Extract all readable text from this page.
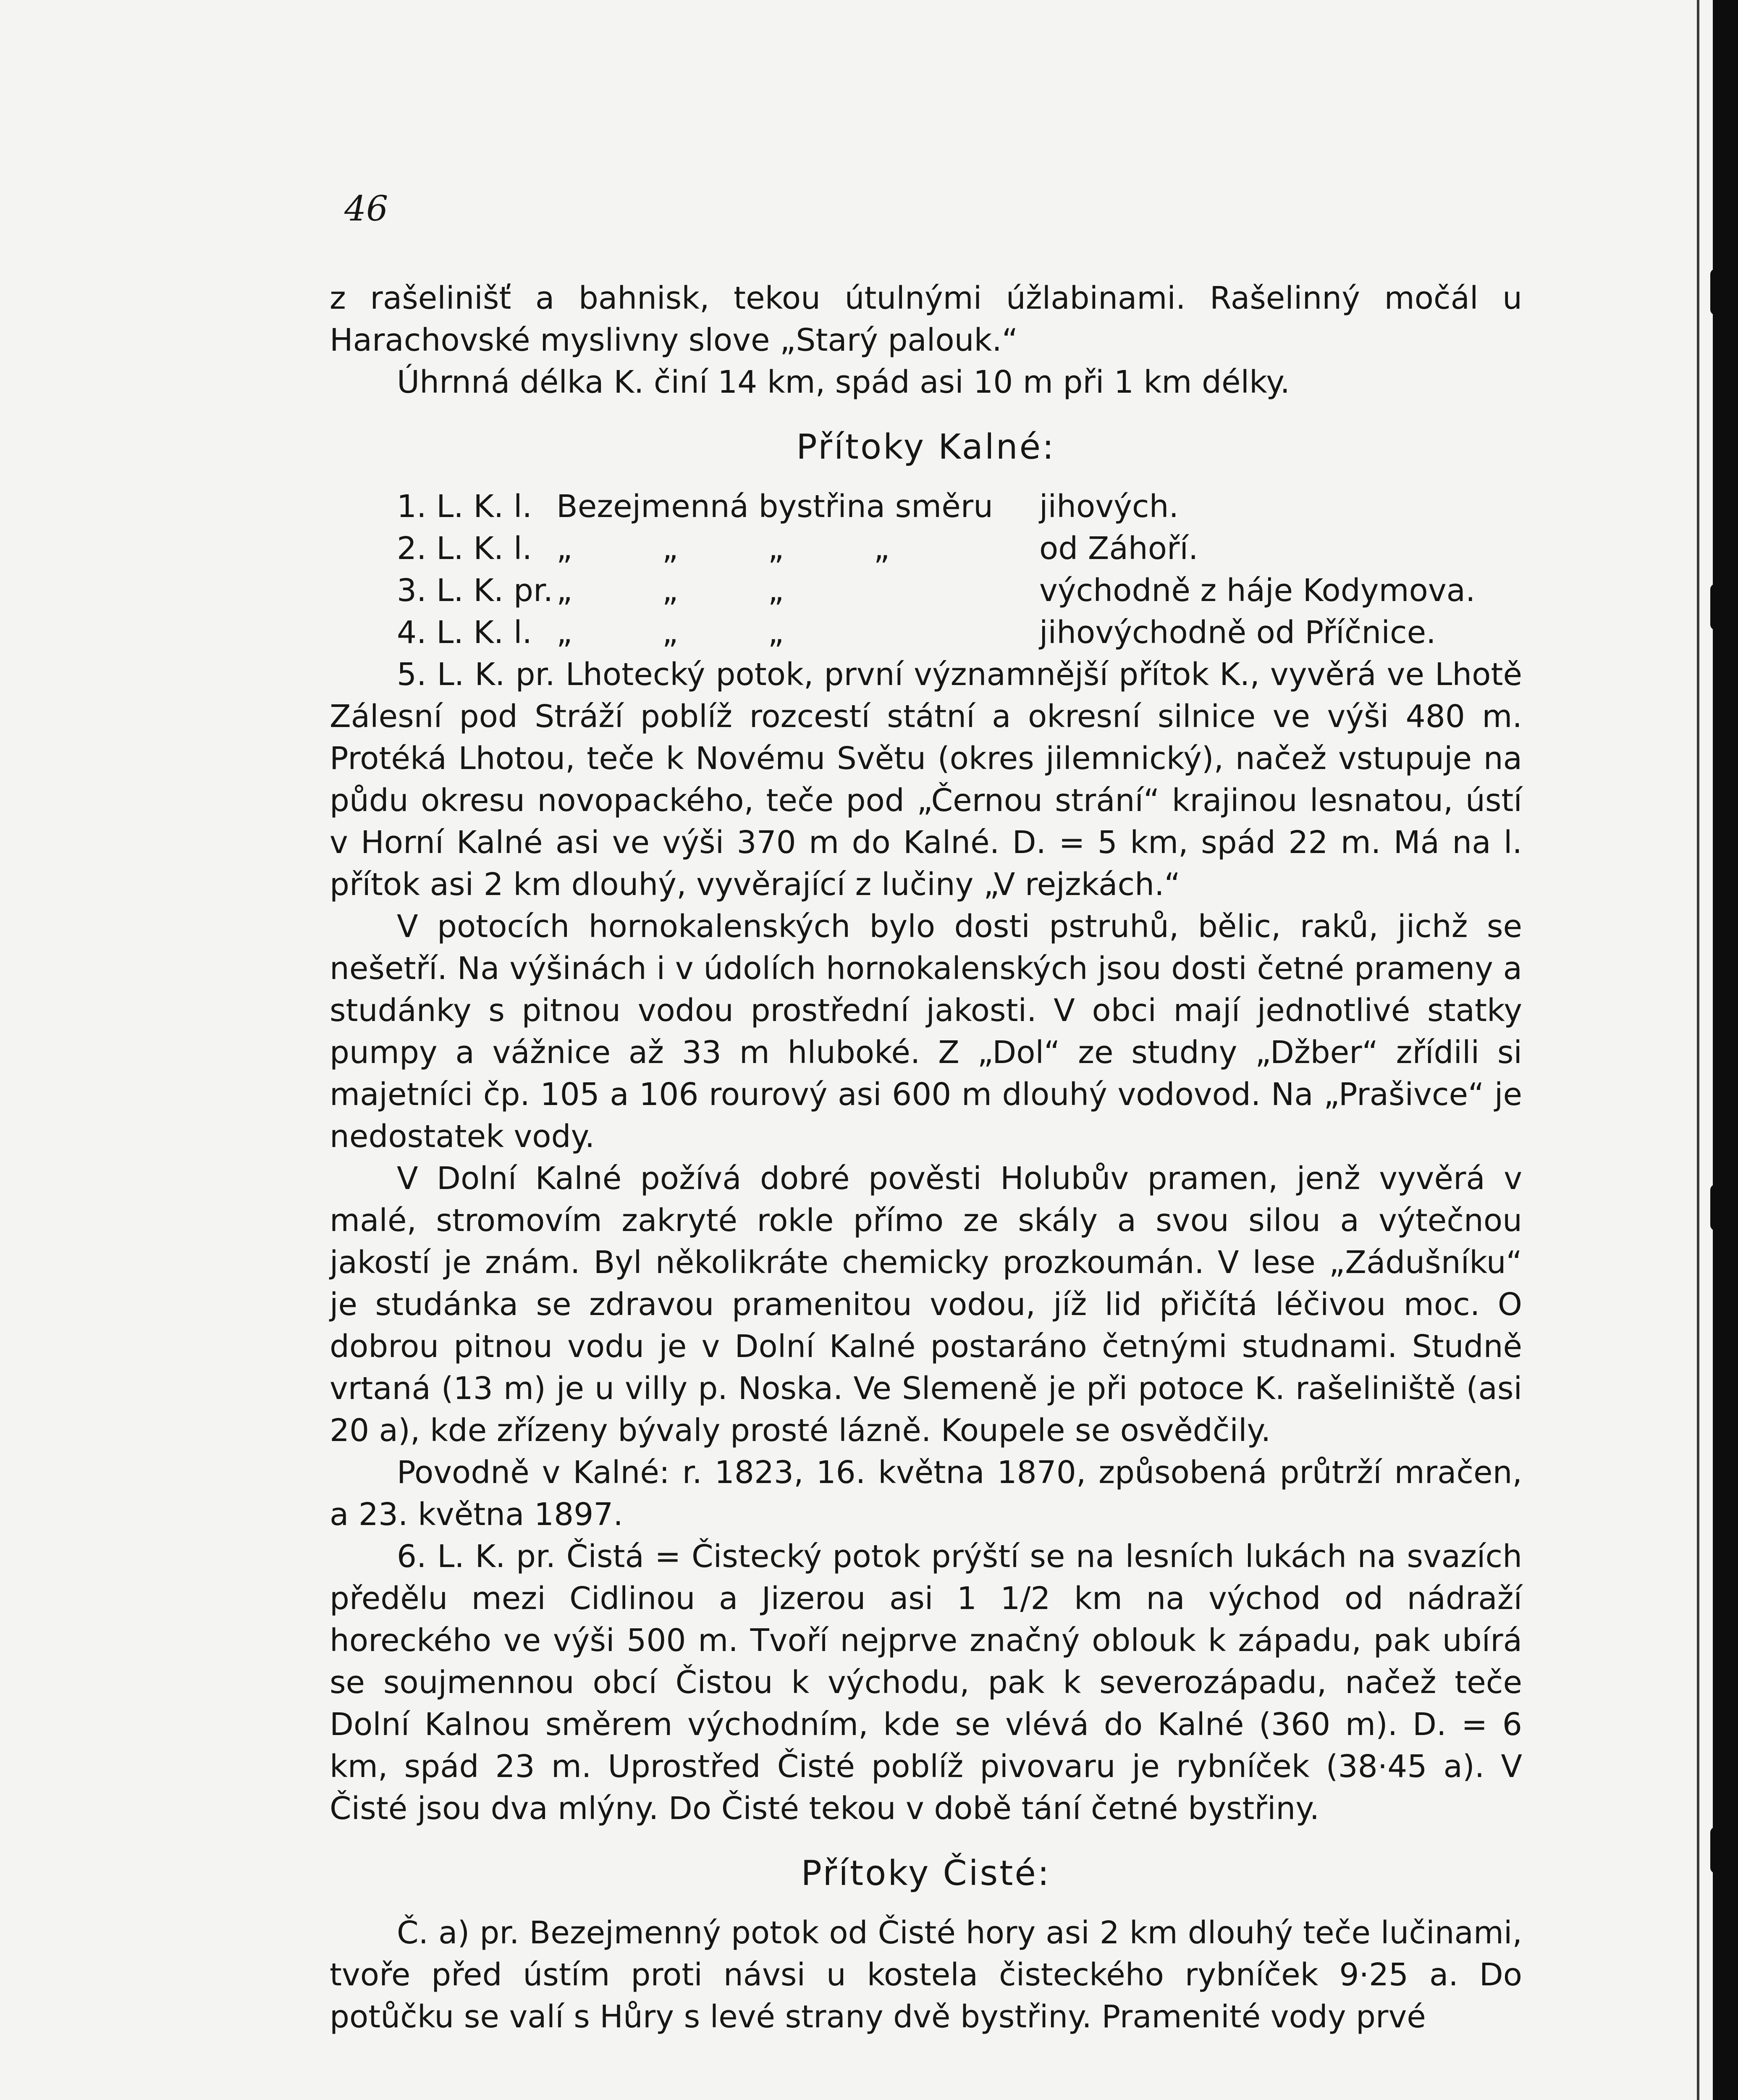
46

z rašelinišť a bahnisk, tekou útulnými úžlabinami. Rašelinný močál u Harachovské myslivny slove „Starý palouk.“

Úhrnná délka K. činí 14 km, spád asi 10 m při 1 km délky.

Přítoky Kalné:

1. L. K. l. Bezejmenná bystřina směru	jihových.
2. L. K. l. „ „ „ „	od Záhoří.
3. L. K. pr. „ „ „	východně z háje Kodymova.
4. L. K. l. „ „ „	jihovýchodně od Příčnice.

5. L. K. pr. Lhotecký potok, první významnější přítok K., vyvěrá ve Lhotě Zálesní pod Stráží poblíž rozcestí státní a okresní silnice ve výši 480 m. Protéká Lhotou, teče k Novému Světu (okres jilemnický), načež vstupuje na půdu okresu novopackého, teče pod „Černou strání“ krajinou lesnatou, ústí v Horní Kalné asi ve výši 370 m do Kalné. D. = 5 km, spád 22 m. Má na l. přítok asi 2 km dlouhý, vyvěrající z lučiny „V rejzkách.“

V potocích hornokalenských bylo dosti pstruhů, bělic, raků, jichž se nešetří. Na výšinách i v údolích hornokalenských jsou dosti četné prameny a studánky s pitnou vodou prostřední jakosti. V obci mají jednotlivé statky pumpy a vážnice až 33 m hluboké. Z „Dol“ ze studny „Džber“ zřídili si majetníci čp. 105 a 106 rourový asi 600 m dlouhý vodovod. Na „Prašivce“ je nedostatek vody.

V Dolní Kalné požívá dobré pověsti Holubův pramen, jenž vyvěrá v malé, stromovím zakryté rokle přímo ze skály a svou silou a výtečnou jakostí je znám. Byl několikráte chemicky prozkoumán. V lese „Zádušníku“ je studánka se zdravou pramenitou vodou, jíž lid přičítá léčivou moc. O dobrou pitnou vodu je v Dolní Kalné postaráno četnými studnami. Studně vrtaná (13 m) je u villy p. Noska. Ve Slemeně je při potoce K. rašeliniště (asi 20 a), kde zřízeny bývaly prosté lázně. Koupele se osvědčily.

Povodně v Kalné: r. 1823, 16. května 1870, způsobená průtrží mračen, a 23. května 1897.

6. L. K. pr. Čistá = Čistecký potok prýští se na lesních lukách na svazích předělu mezi Cidlinou a Jizerou asi 1 1/2 km na východ od nádraží horeckého ve výši 500 m. Tvoří nejprve značný oblouk k západu, pak ubírá se soujmennou obcí Čistou k východu, pak k severozápadu, načež teče Dolní Kalnou směrem východním, kde se vlévá do Kalné (360 m). D. = 6 km, spád 23 m. Uprostřed Čisté poblíž pivovaru je rybníček (38·45 a). V Čisté jsou dva mlýny. Do Čisté tekou v době tání četné bystřiny.

Přítoky Čisté:

Č. a) pr. Bezejmenný potok od Čisté hory asi 2 km dlouhý teče lučinami, tvoře před ústím proti návsi u kostela čisteckého rybníček 9·25 a. Do potůčku se valí s Hůry s levé strany dvě bystřiny. Pramenité vody prvé
